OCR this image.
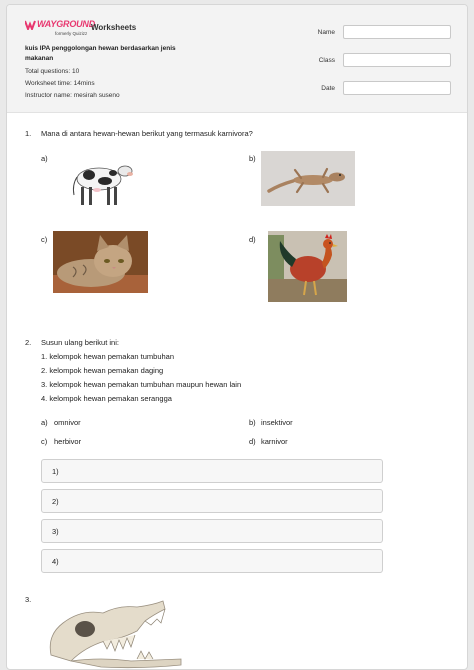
WAYGROUND
formerly Quizizz
Worksheets
kuis IPA penggolongan hewan berdasarkan jenis makanan
Total questions: 10
Worksheet time: 14mins
Instructor name: mesirah suseno
Name
Class
Date
1. Mana di antara hewan-hewan berikut yang termasuk karnivora?
a)	b)
c)	d)
2. Susun ulang berikut ini:
1. kelompok hewan pemakan tumbuhan
2. kelompok hewan pemakan daging
3. kelompok hewan pemakan tumbuhan maupun hewan lain
4. kelompok hewan pemakan serangga
a) omnivor	b) insektivor
c) herbivor	d) karnivor
1)
2)
3)
4)
3.
